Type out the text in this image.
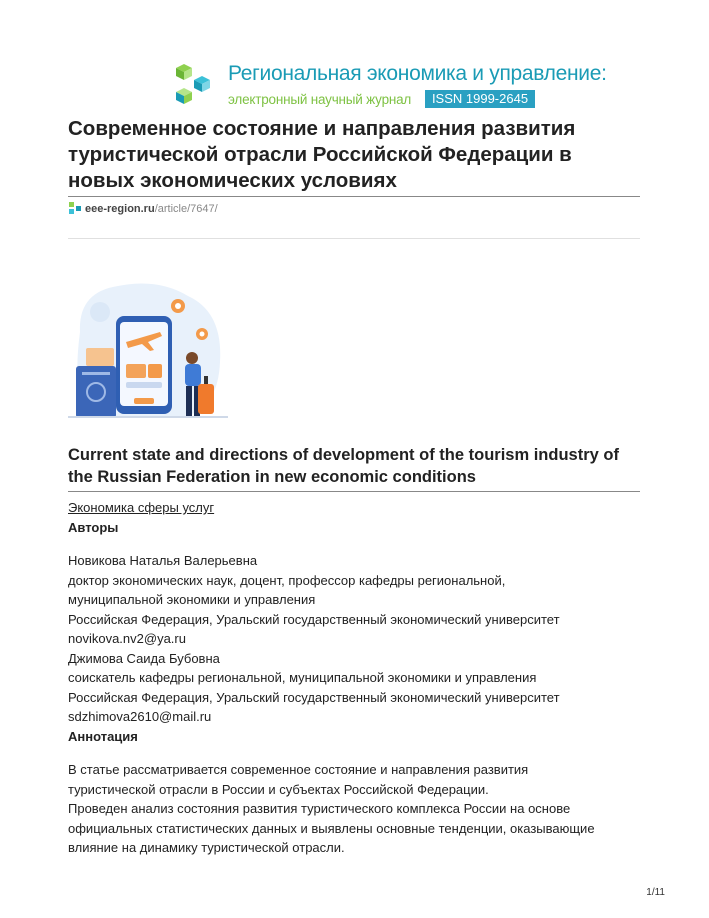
Региональная экономика и управление:
электронный научный журнал	ISSN 1999-2645
Современное состояние и направления развития туристической отрасли Российской Федерации в новых экономических условиях
eee-region.ru/article/7647/
Current state and directions of development of the tourism industry of the Russian Federation in new economic conditions
Экономика сферы услуг
Авторы
Новикова Наталья Валерьевна
доктор экономических наук, доцент, профессор кафедры региональной,
муниципальной экономики и управления
Российская Федерация, Уральский государственный экономический университет
novikova.nv2@ya.ru
Джимова Саида Бубовна
соискатель кафедры региональной, муниципальной экономики и управления
Российская Федерация, Уральский государственный экономический университет
sdzhimova2610@mail.ru
Аннотация
В статье рассматривается современное состояние и направления развития
туристической отрасли в России и субъектах Российской Федерации.
Проведен анализ состояния развития туристического комплекса России на основе
официальных статистических данных и выявлены основные тенденции, оказывающие
влияние на динамику туристической отрасли.
1/11
